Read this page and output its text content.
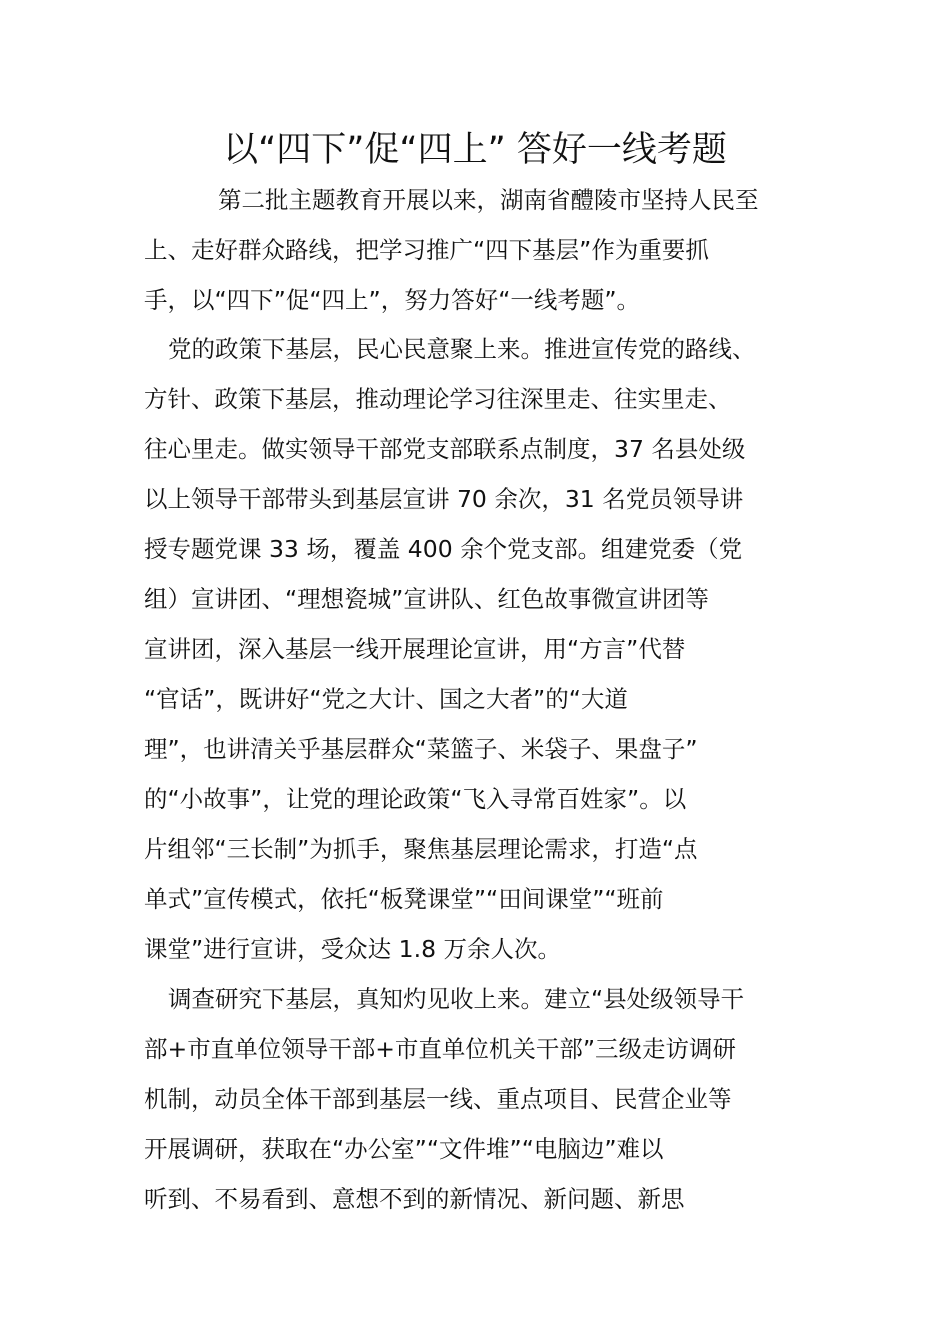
以“四下”促“四上” 答好一线考题
第二批主题教育开展以来，湖南省醴陵市坚持人民至
上、走好群众路线，把学习推广“四下基层”作为重要抓
手，以“四下”促“四上”，努力答好“一线考题”。
党的政策下基层，民心民意聚上来。推进宣传党的路线、
方针、政策下基层，推动理论学习往深里走、往实里走、
往心里走。做实领导干部党支部联系点制度，37 名县处级
以上领导干部带头到基层宣讲 70 余次，31 名党员领导讲
授专题党课 33 场，覆盖 400 余个党支部。组建党委（党
组）宣讲团、“理想瓷城”宣讲队、红色故事微宣讲团等
宣讲团，深入基层一线开展理论宣讲，用“方言”代替
“官话”，既讲好“党之大计、国之大者”的“大道
理”，也讲清关乎基层群众“菜篮子、米袋子、果盘子”
的“小故事”，让党的理论政策“飞入寻常百姓家”。以
片组邻“三长制”为抓手，聚焦基层理论需求，打造“点
单式”宣传模式，依托“板凳课堂”“田间课堂”“班前
课堂”进行宣讲，受众达 1.8 万余人次。
调查研究下基层，真知灼见收上来。建立“县处级领导干
部+市直单位领导干部+市直单位机关干部”三级走访调研
机制，动员全体干部到基层一线、重点项目、民营企业等
开展调研，获取在“办公室”“文件堆”“电脑边”难以
听到、不易看到、意想不到的新情况、新问题、新思
